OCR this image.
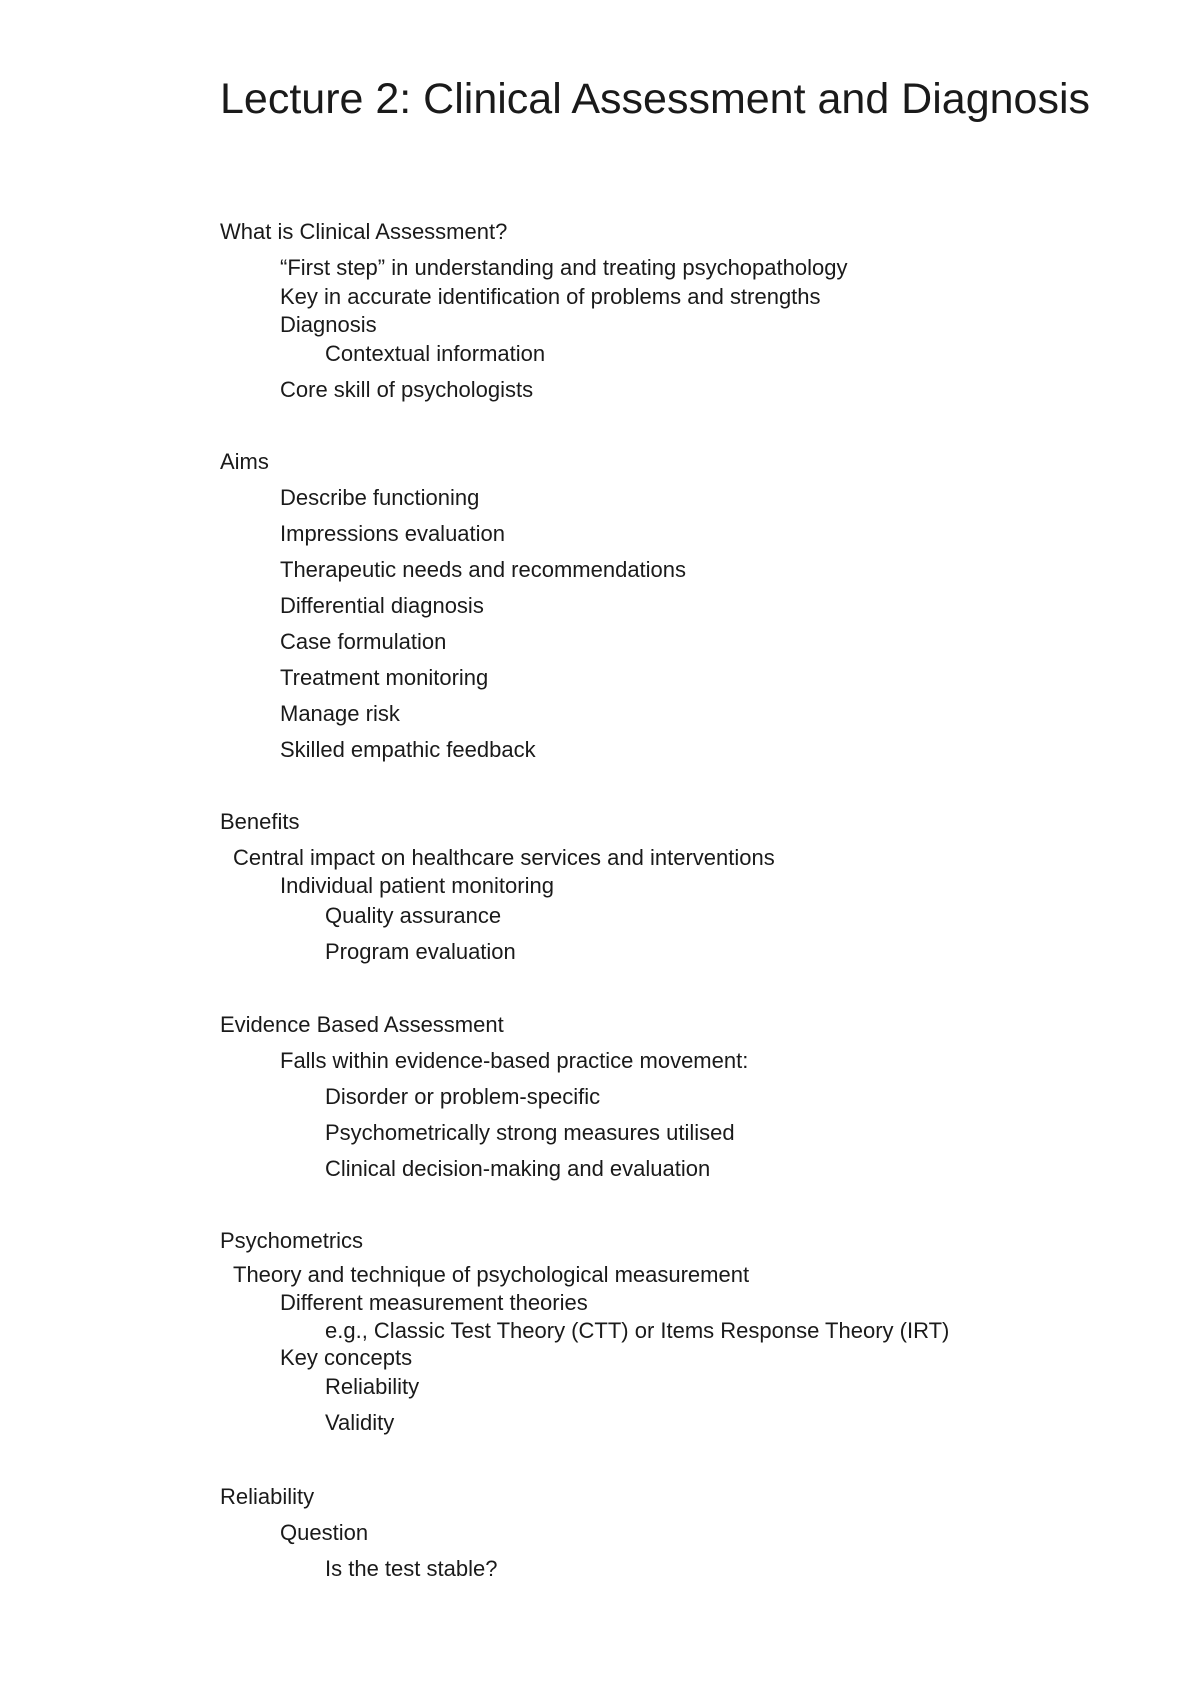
Lecture 2: Clinical Assessment and Diagnosis
What is Clinical Assessment?
“First step” in understanding and treating psychopathology
Key in accurate identification of problems and strengths
Diagnosis
Contextual information
Core skill of psychologists
Aims
Describe functioning
Impressions evaluation
Therapeutic needs and recommendations
Differential diagnosis
Case formulation
Treatment monitoring
Manage risk
Skilled empathic feedback
Benefits
Central impact on healthcare services and interventions
Individual patient monitoring
Quality assurance
Program evaluation
Evidence Based Assessment
Falls within evidence-based practice movement:
Disorder or problem-specific
Psychometrically strong measures utilised
Clinical decision-making and evaluation
Psychometrics
Theory and technique of psychological measurement
Different measurement theories
e.g., Classic Test Theory (CTT) or Items Response Theory (IRT)
Key concepts
Reliability
Validity
Reliability
Question
Is the test stable?
